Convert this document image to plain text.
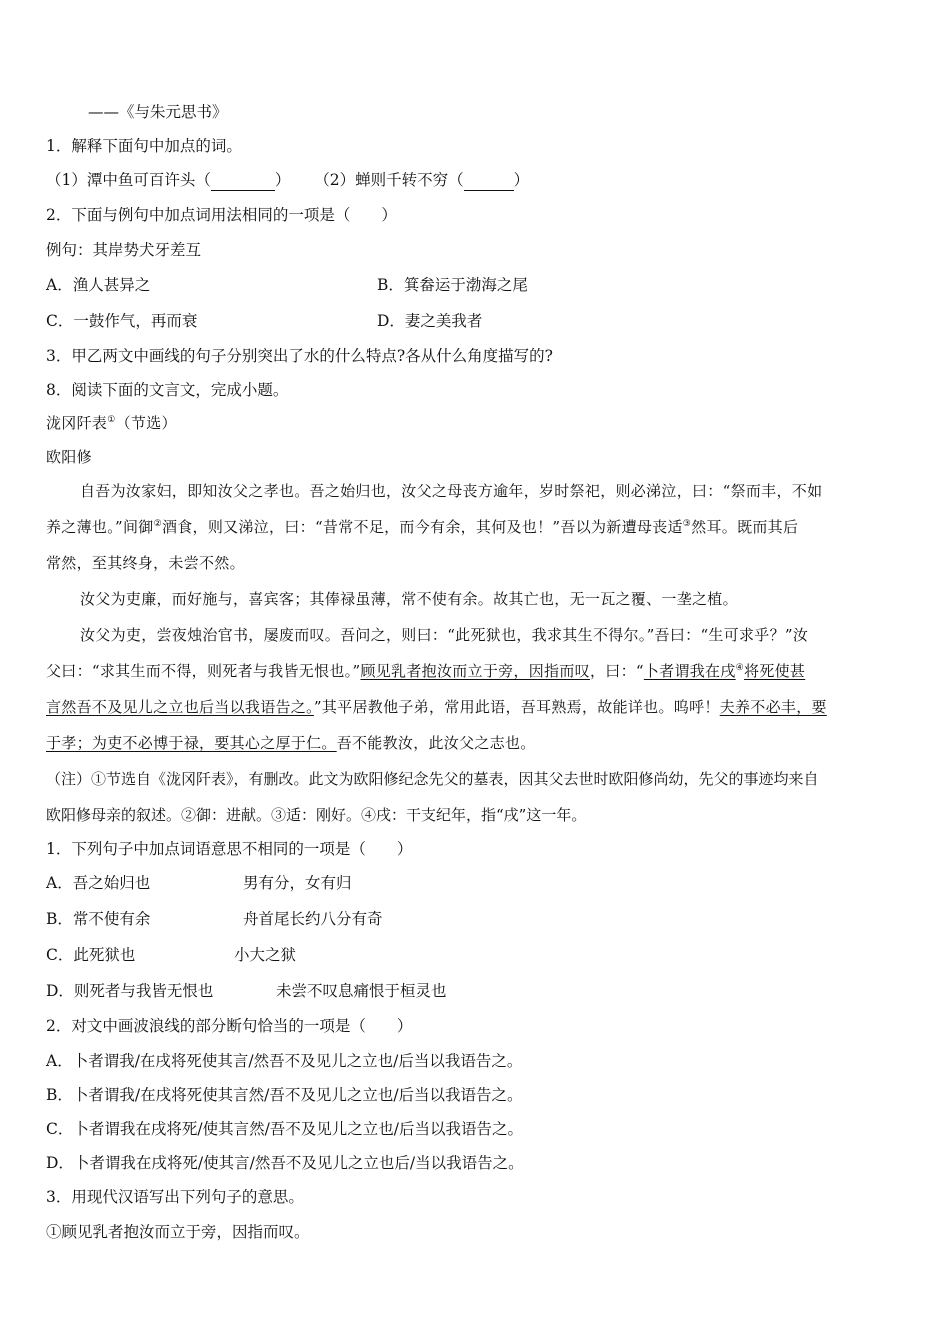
——《与朱元思书》
1．解释下面句中加点的词。
（1）潭中鱼可百许头（	） （2）蝉则千转不穷（	）
2．下面与例句中加点词用法相同的一项是（　　）
例句：其岸势犬牙差互
A．渔人甚异之	B．箕畚运于渤海之尾
C．一鼓作气，再而衰	D．妻之美我者
3．甲乙两文中画线的句子分别突出了水的什么特点?各从什么角度描写的?
8．阅读下面的文言文，完成小题。
泷冈阡表①（节选）
欧阳修
自吾为汝家妇，即知汝父之孝也。吾之始归也，汝父之母丧方逾年，岁时祭祀，则必涕泣，曰：“祭而丰，不如
养之薄也。”间御②酒食，则又涕泣，曰：“昔常不足，而今有余，其何及也！”吾以为新遭母丧适③然耳。既而其后
常然，至其终身，未尝不然。
汝父为吏廉，而好施与，喜宾客；其俸禄虽薄，常不使有余。故其亡也，无一瓦之覆、一垄之植。
汝父为吏，尝夜烛治官书，屡废而叹。吾问之，则曰：“此死狱也，我求其生不得尔。”吾曰：“生可求乎？”汝
父曰：“求其生而不得，则死者与我皆无恨也。”顾见乳者抱汝而立于旁，因指而叹，曰：“卜者谓我在戌④将死使甚
言然吾不及见儿之立也后当以我语告之。”其平居教他子弟，常用此语，吾耳熟焉，故能详也。呜呼！夫养不必丰，要
于孝；为吏不必博于禄，要其心之厚于仁。吾不能教汝，此汝父之志也。
（注）①节选自《泷冈阡表》，有删改。此文为欧阳修纪念先父的墓表，因其父去世时欧阳修尚幼，先父的事迹均来自
欧阳修母亲的叙述。②御：进献。③适：刚好。④戌：干支纪年，指“戌”这一年。
1．下列句子中加点词语意思不相同的一项是（　　）
A．吾之始归也	男有分，女有归
B．常不使有余	舟首尾长约八分有奇
C．此死狱也	小大之狱
D．则死者与我皆无恨也	未尝不叹息痛恨于桓灵也
2．对文中画波浪线的部分断句恰当的一项是（　　）
A．卜者谓我/在戌将死使其言/然吾不及见儿之立也/后当以我语告之。
B．卜者谓我/在戌将死使其言然/吾不及见儿之立也/后当以我语告之。
C．卜者谓我在戌将死/使其言然/吾不及见儿之立也/后当以我语告之。
D．卜者谓我在戌将死/使其言/然吾不及见儿之立也后/当以我语告之。
3．用现代汉语写出下列句子的意思。
①顾见乳者抱汝而立于旁，因指而叹。
